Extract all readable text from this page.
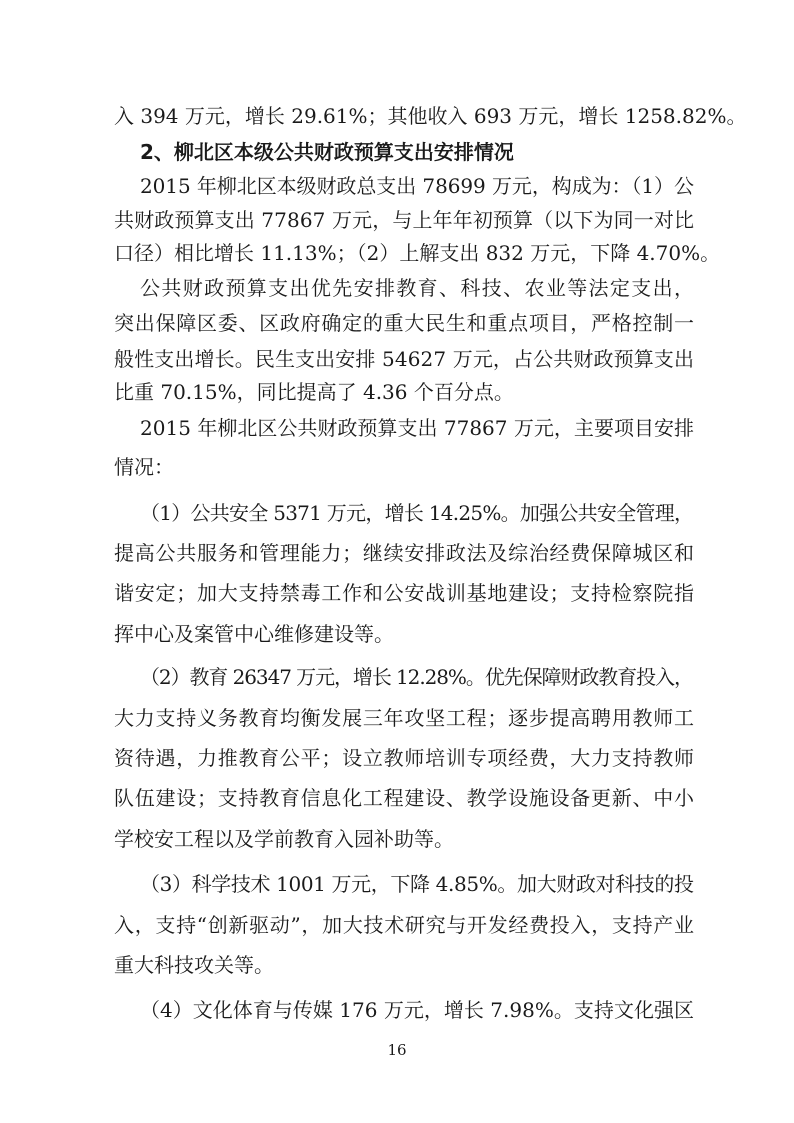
入 394 万元，增长 29.61%；其他收入 693 万元，增长 1258.82%。
2、柳北区本级公共财政预算支出安排情况
2015 年柳北区本级财政总支出 78699 万元，构成为：（1）公
共财政预算支出 77867 万元，与上年年初预算（以下为同一对比
口径）相比增长 11.13%；（2）上解支出 832 万元，下降 4.70%。
公共财政预算支出优先安排教育、科技、农业等法定支出，
突出保障区委、区政府确定的重大民生和重点项目，严格控制一
般性支出增长。民生支出安排 54627 万元，占公共财政预算支出
比重 70.15%，同比提高了 4.36 个百分点。
2015 年柳北区公共财政预算支出 77867 万元，主要项目安排
情况：
（1）公共安全 5371 万元，增长 14.25%。加强公共安全管理，
提高公共服务和管理能力；继续安排政法及综治经费保障城区和
谐安定；加大支持禁毒工作和公安战训基地建设；支持检察院指
挥中心及案管中心维修建设等。
（2）教育 26347 万元，增长 12.28%。优先保障财政教育投入，
大力支持义务教育均衡发展三年攻坚工程；逐步提高聘用教师工
资待遇，力推教育公平；设立教师培训专项经费，大力支持教师
队伍建设；支持教育信息化工程建设、教学设施设备更新、中小
学校安工程以及学前教育入园补助等。
（3）科学技术 1001 万元，下降 4.85%。加大财政对科技的投
入，支持“创新驱动”，加大技术研究与开发经费投入，支持产业
重大科技攻关等。
（4）文化体育与传媒 176 万元，增长 7.98%。支持文化强区
16
